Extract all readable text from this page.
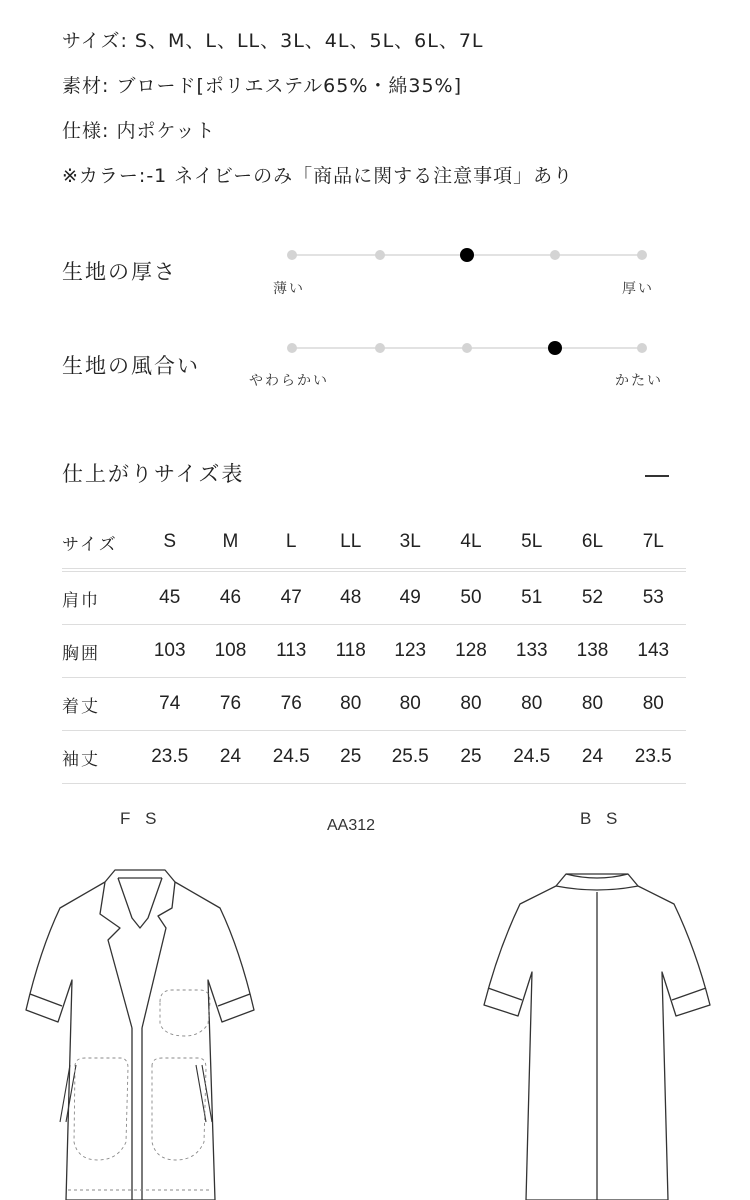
サイズ: S、M、L、LL、3L、4L、5L、6L、7L
素材: ブロード[ポリエステル65%・綿35%]
仕様: 内ポケット
※カラー:-1 ネイビーのみ「商品に関する注意事項」あり
生地の厚さ
薄い	厚い
生地の風合い
やわらかい	かたい
仕上がりサイズ表
サイズ	S	M	L	LL	3L	4L	5L	6L	7L
肩巾	45	46	47	48	49	50	51	52	53
胸囲	103	108	113	118	123	128	133	138	143
着丈	74	76	76	80	80	80	80	80	80
袖丈	23.5	24	24.5	25	25.5	25	24.5	24	23.5
F S	AA312	B S
